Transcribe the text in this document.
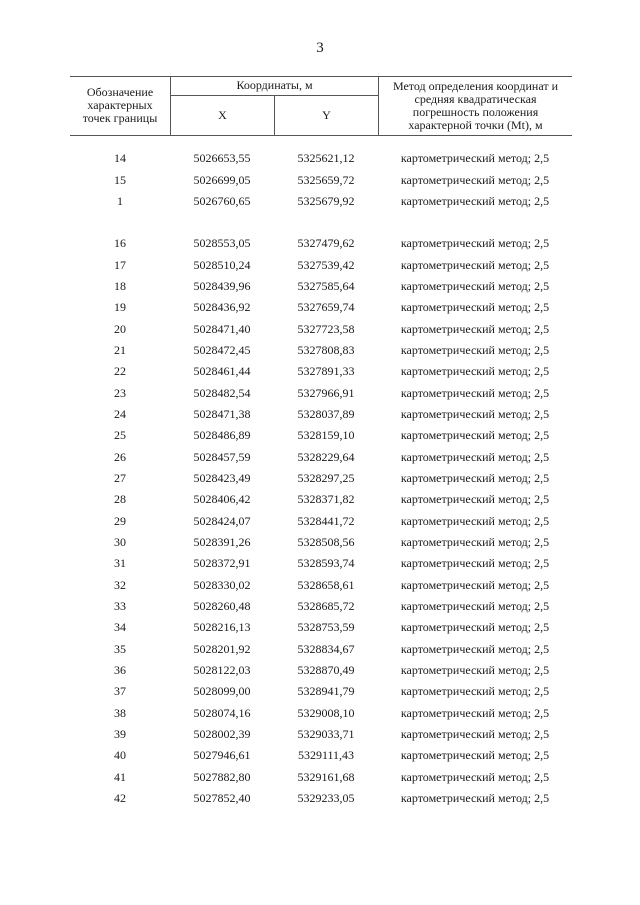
3
Обозначение характерных точек границы
Координаты, м
X	Y
Метод определения координат и средняя квадратическая погрешность положения характерной точки (Mt), м
14	5026653,55	5325621,12	картометрический метод; 2,5
15	5026699,05	5325659,72	картометрический метод; 2,5
1	5026760,65	5325679,92	картометрический метод; 2,5
16	5028553,05	5327479,62	картометрический метод; 2,5
17	5028510,24	5327539,42	картометрический метод; 2,5
18	5028439,96	5327585,64	картометрический метод; 2,5
19	5028436,92	5327659,74	картометрический метод; 2,5
20	5028471,40	5327723,58	картометрический метод; 2,5
21	5028472,45	5327808,83	картометрический метод; 2,5
22	5028461,44	5327891,33	картометрический метод; 2,5
23	5028482,54	5327966,91	картометрический метод; 2,5
24	5028471,38	5328037,89	картометрический метод; 2,5
25	5028486,89	5328159,10	картометрический метод; 2,5
26	5028457,59	5328229,64	картометрический метод; 2,5
27	5028423,49	5328297,25	картометрический метод; 2,5
28	5028406,42	5328371,82	картометрический метод; 2,5
29	5028424,07	5328441,72	картометрический метод; 2,5
30	5028391,26	5328508,56	картометрический метод; 2,5
31	5028372,91	5328593,74	картометрический метод; 2,5
32	5028330,02	5328658,61	картометрический метод; 2,5
33	5028260,48	5328685,72	картометрический метод; 2,5
34	5028216,13	5328753,59	картометрический метод; 2,5
35	5028201,92	5328834,67	картометрический метод; 2,5
36	5028122,03	5328870,49	картометрический метод; 2,5
37	5028099,00	5328941,79	картометрический метод; 2,5
38	5028074,16	5329008,10	картометрический метод; 2,5
39	5028002,39	5329033,71	картометрический метод; 2,5
40	5027946,61	5329111,43	картометрический метод; 2,5
41	5027882,80	5329161,68	картометрический метод; 2,5
42	5027852,40	5329233,05	картометрический метод; 2,5
